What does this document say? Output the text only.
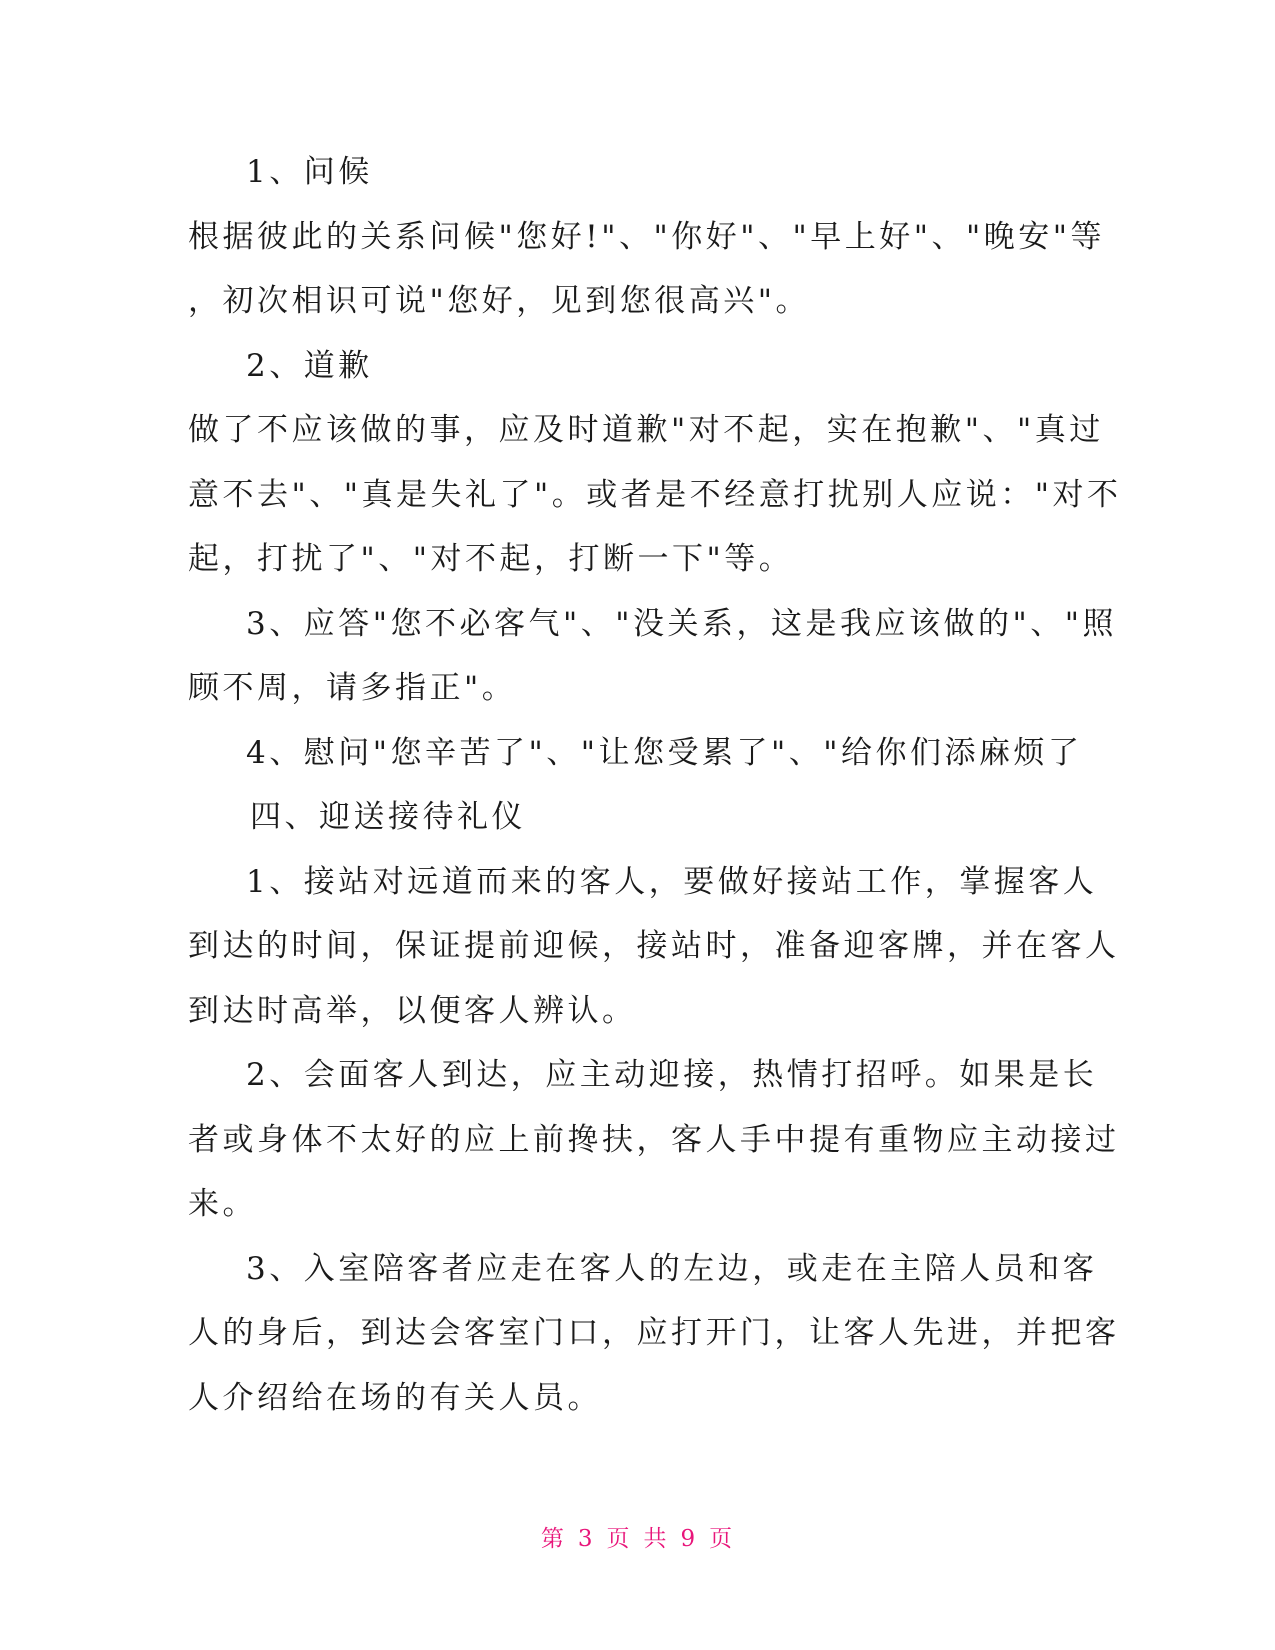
1、问候
根据彼此的关系问候"您好!"、"你好"、"早上好"、"晚安"等
，初次相识可说"您好，见到您很高兴"。
2、道歉
做了不应该做的事，应及时道歉"对不起，实在抱歉"、"真过
意不去"、"真是失礼了"。或者是不经意打扰别人应说："对不
起，打扰了"、"对不起，打断一下"等。
3、应答"您不必客气"、"没关系，这是我应该做的"、"照
顾不周，请多指正"。
4、慰问"您辛苦了"、"让您受累了"、"给你们添麻烦了
四、迎送接待礼仪
1、接站对远道而来的客人，要做好接站工作，掌握客人
到达的时间，保证提前迎候，接站时，准备迎客牌，并在客人
到达时高举，以便客人辨认。
2、会面客人到达，应主动迎接，热情打招呼。如果是长
者或身体不太好的应上前搀扶，客人手中提有重物应主动接过
来。
3、入室陪客者应走在客人的左边，或走在主陪人员和客
人的身后，到达会客室门口，应打开门，让客人先进，并把客
人介绍给在场的有关人员。
第 3 页 共 9 页
